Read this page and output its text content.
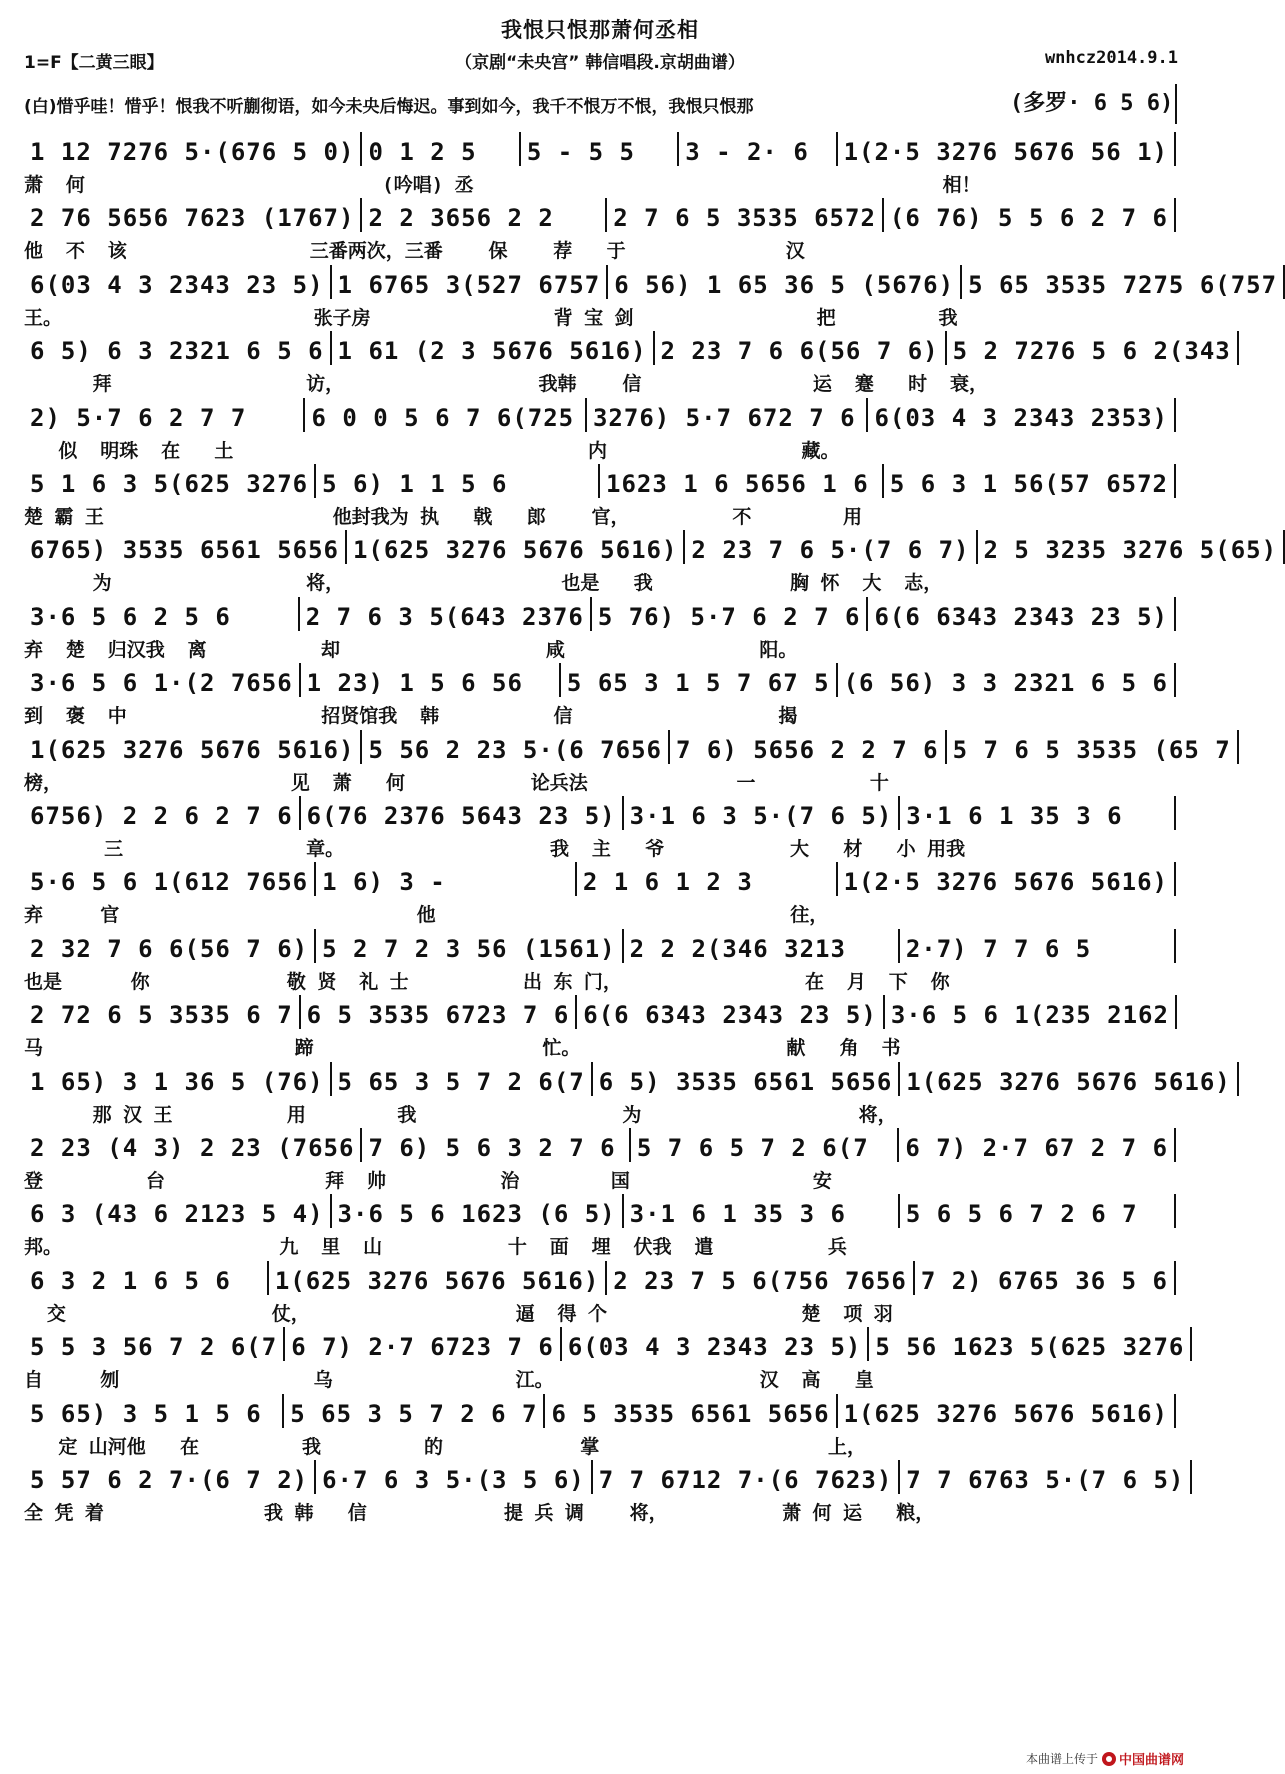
我恨只恨那萧何丞相
1=F【二黄三眼】	（京剧“未央宫” 韩信唱段.京胡曲谱）	wnhcz2014.9.1
(白)惜乎哇！惜乎！恨我不听蒯彻语，如今未央后悔迟。事到如今，我千不恨万不恨，我恨只恨那	(多罗· 6 5 6)
1 12 7276 5·(676 5 0) 0 1 2 5	5 - 5 5	3 - 2· 6	1(2·5 3276 5676 56 1)
萧  何                          (吟唱) 丞                                         相！
2 76 5656 7623 (1767) 2 2 3656 2 2	2 7 6 5 3535 6572 (6 76) 5 5 6 2 7 6
他  不  该                三番两次，三番    保    荐   于              汉
6(03 4 3 2343 23 5) 1 6765 3(527 6757 6 56) 1 65 36 5 (5676) 5 65 3535 7275 6(757
王。                      张子房                背 宝 剑                把         我
6 5) 6 3 2321 6 5 6 1 61 (2 3 5676 5616) 2 23 7 6 6(56 7 6) 5 2 7276 5 6 2(343
拜                 访，                 我韩    信               运  蹇   时  衰，
2) 5·7 6 2 7 7	6 0 0 5 6 7 6(725 3276) 5·7 672 7 6 6(03 4 3 2343 2353)
似  明珠  在   土                               内                 藏。
5 1 6 3 5(625 3276 5 6) 1 1 5 6	1623 1 6 5656 1 6 5 6 3 1 56(57 6572
楚 霸 王                    他封我为 执   戟   郎    官，         不        用
6765) 3535 6561 5656 1(625 3276 5676 5616) 2 23 7 6 5·(7 6 7) 2 5 3235 3276 5(65)
为                 将，                   也是   我            胸 怀  大  志，
3·6 5 6 2 5 6	2 7 6 3 5(643 2376 5 76) 5·7 6 2 7 6 6(6 6343 2343 23 5)
弃  楚  归汉我  离          却                  咸                 阳。
3·6 5 6 1·(2 7656 1 23) 1 5 6 56	5 65 3 1 5 7 67 5 (6 56) 3 3 2321 6 5 6
到  褒  中                 招贤馆我  韩          信                  揭
1(625 3276 5676 5616) 5 56 2 23 5·(6 7656 7 6) 5656 2 2 7 6 5 7 6 5 3535 (65 7
榜，                    见  萧   何           论兵法             一          十
6756) 2 2 6 2 7 6 6(76 2376 5643 23 5) 3·1 6 3 5·(7 6 5) 3·1 6 1 35 3 6
三                章。                  我  主   爷           大   材   小 用我
5·6 5 6 1(612 7656 1 6) 3 -	2 1 6 1 2 3	1(2·5 3276 5676 5616)
弃     官                          他                               往，
2 32 7 6 6(56 7 6) 5 2 7 2 3 56 (1561) 2 2 2(346 3213	2·7) 7 7 6 5
也是      你            敬 贤  礼 士          出 东 门，                在  月  下  你
2 72 6 5 3535 6 7 6 5 3535 6723 7 6 6(6 6343 2343 23 5) 3·6 5 6 1(235 2162
马                      蹄                    忙。                  献   角  书
1 65) 3 1 36 5 (76) 5 65 3 5 7 2 6(7 6 5) 3535 6561 5656 1(625 3276 5676 5616)
那 汉 王          用        我                  为                   将，
2 23 (4 3) 2 23 (7656 7 6) 5 6 3 2 7 6 5 7 6 5 7 2 6(7	6 7) 2·7 67 2 7 6
登         台              拜  帅          治        国                安
6 3 (43 6 2123 5 4) 3·6 5 6 1623 (6 5) 3·1 6 1 35 3 6	5 6 5 6 7 2 6 7
邦。                   九  里  山           十  面  埋  伏我  遣          兵
6 3 2 1 6 5 6	1(625 3276 5676 5616) 2 23 7 5 6(756 7656 7 2) 6765 36 5 6
交                  仗，                  逼  得 个                 楚  项 羽
5 5 3 56 7 2 6(7 6 7) 2·7 6723 7 6 6(03 4 3 2343 23 5) 5 56 1623 5(625 3276
自     刎                 乌                江。                  汉  高   皇
5 65) 3 5 1 5 6	5 65 3 5 7 2 6 7 6 5 3535 6561 5656 1(625 3276 5676 5616)
定 山河他   在         我         的            掌                    上，
5 57 6 2 7·(6 7 2) 6·7 6 3 5·(3 5 6) 7 7 6712 7·(6 7623) 7 7 6763 5·(7 6 5)
全 凭 着              我 韩   信            提 兵 调    将，          萧 何 运   粮，
本曲谱上传于 中国曲谱网
